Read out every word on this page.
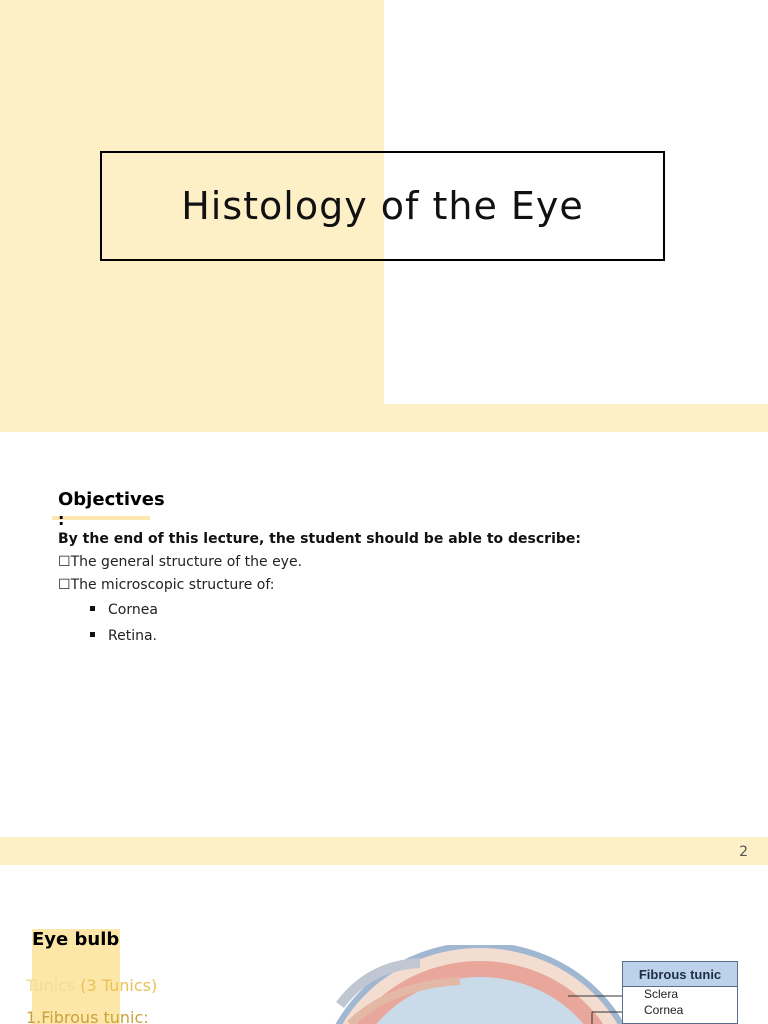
Histology of the Eye
Objectives
:
By the end of this lecture, the student should be able to describe:
☐The general structure of the eye.
☐The microscopic structure of:
Cornea
Retina.
2
Eye bulb
Tunics (3 Tunics)
1.Fibrous tunic:
Fibrous tunic
Sclera
Cornea
